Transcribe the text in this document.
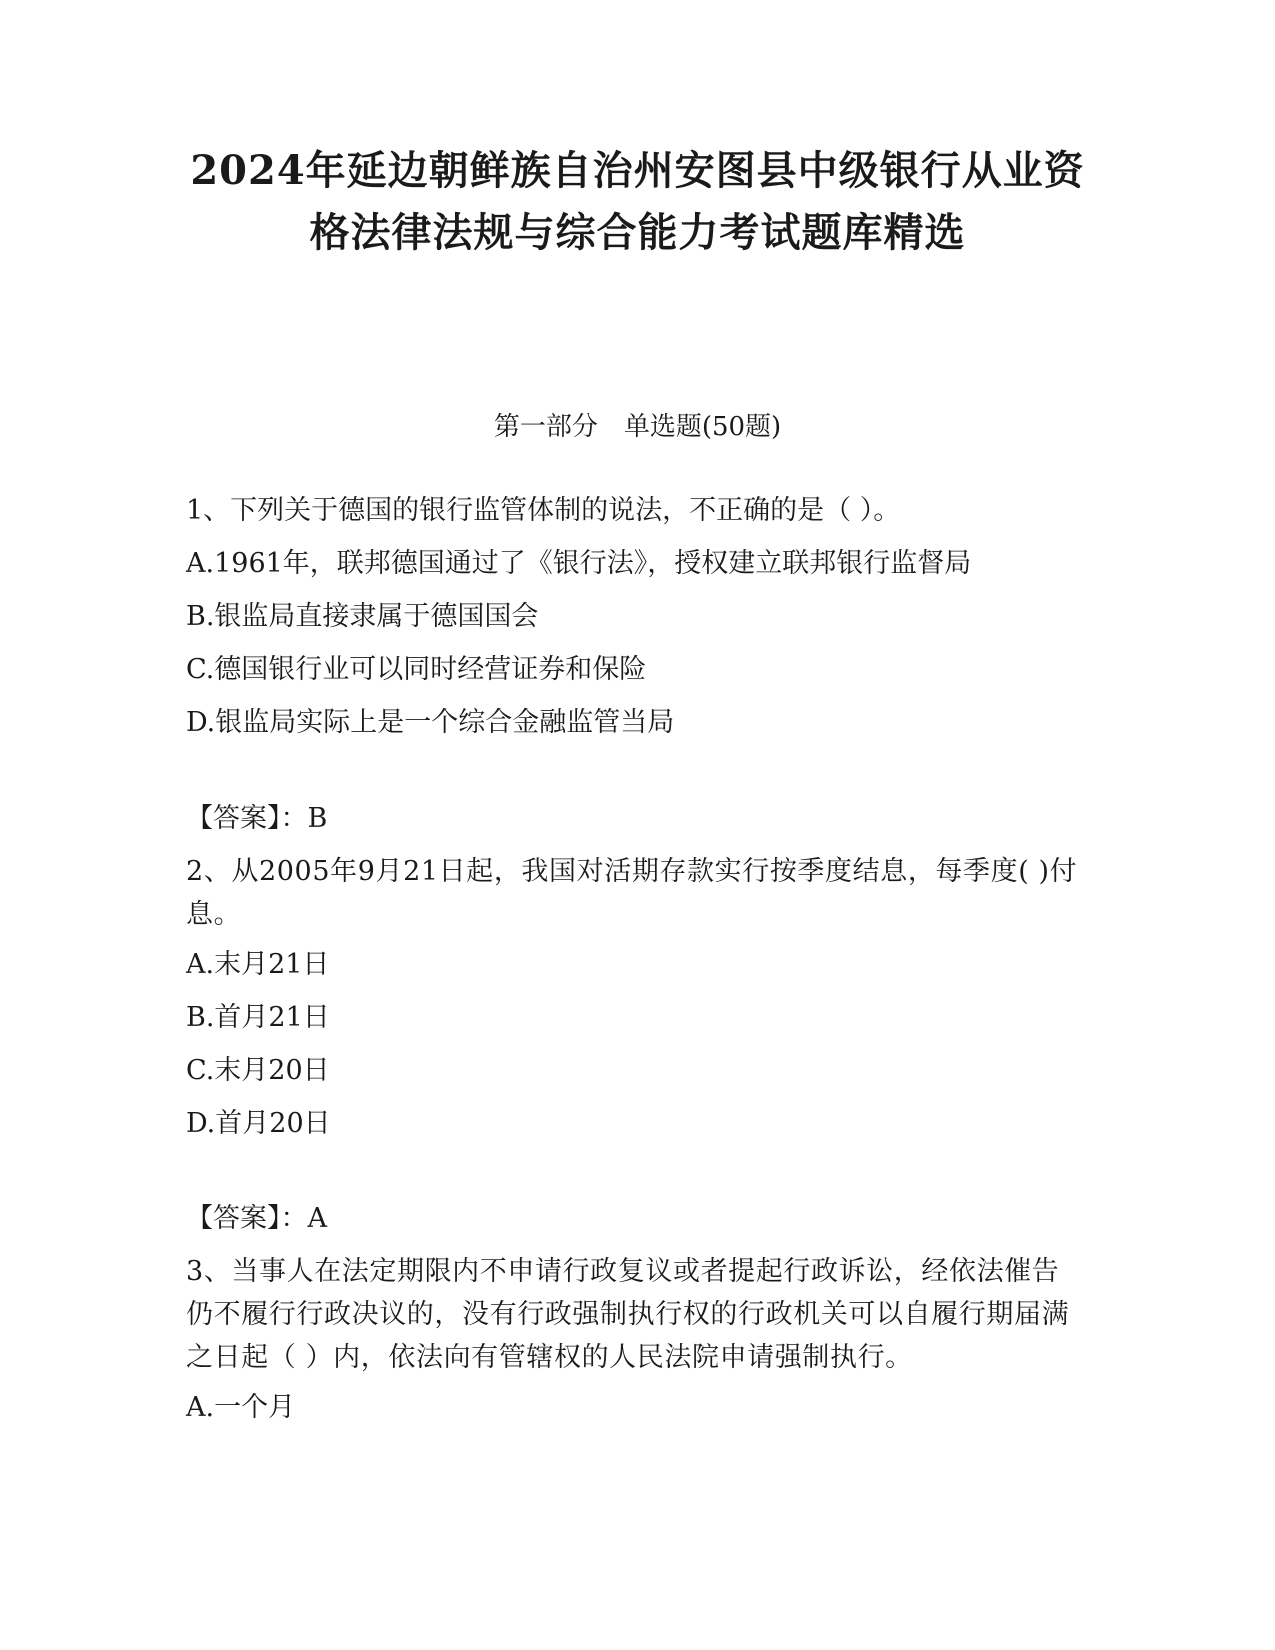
2024年延边朝鲜族自治州安图县中级银行从业资
格法律法规与综合能力考试题库精选
第一部分　单选题(50题)
1、下列关于德国的银行监管体制的说法，不正确的是（ ）。
A.1961年，联邦德国通过了《银行法》，授权建立联邦银行监督局
B.银监局直接隶属于德国国会
C.德国银行业可以同时经营证券和保险
D.银监局实际上是一个综合金融监管当局
【答案】：B
2、从2005年9月21日起，我国对活期存款实行按季度结息，每季度( )付息。
A.末月21日
B.首月21日
C.末月20日
D.首月20日
【答案】：A
3、当事人在法定期限内不申请行政复议或者提起行政诉讼，经依法催告仍不履行行政决议的，没有行政强制执行权的行政机关可以自履行期届满之日起（ ）内，依法向有管辖权的人民法院申请强制执行。
A.一个月
